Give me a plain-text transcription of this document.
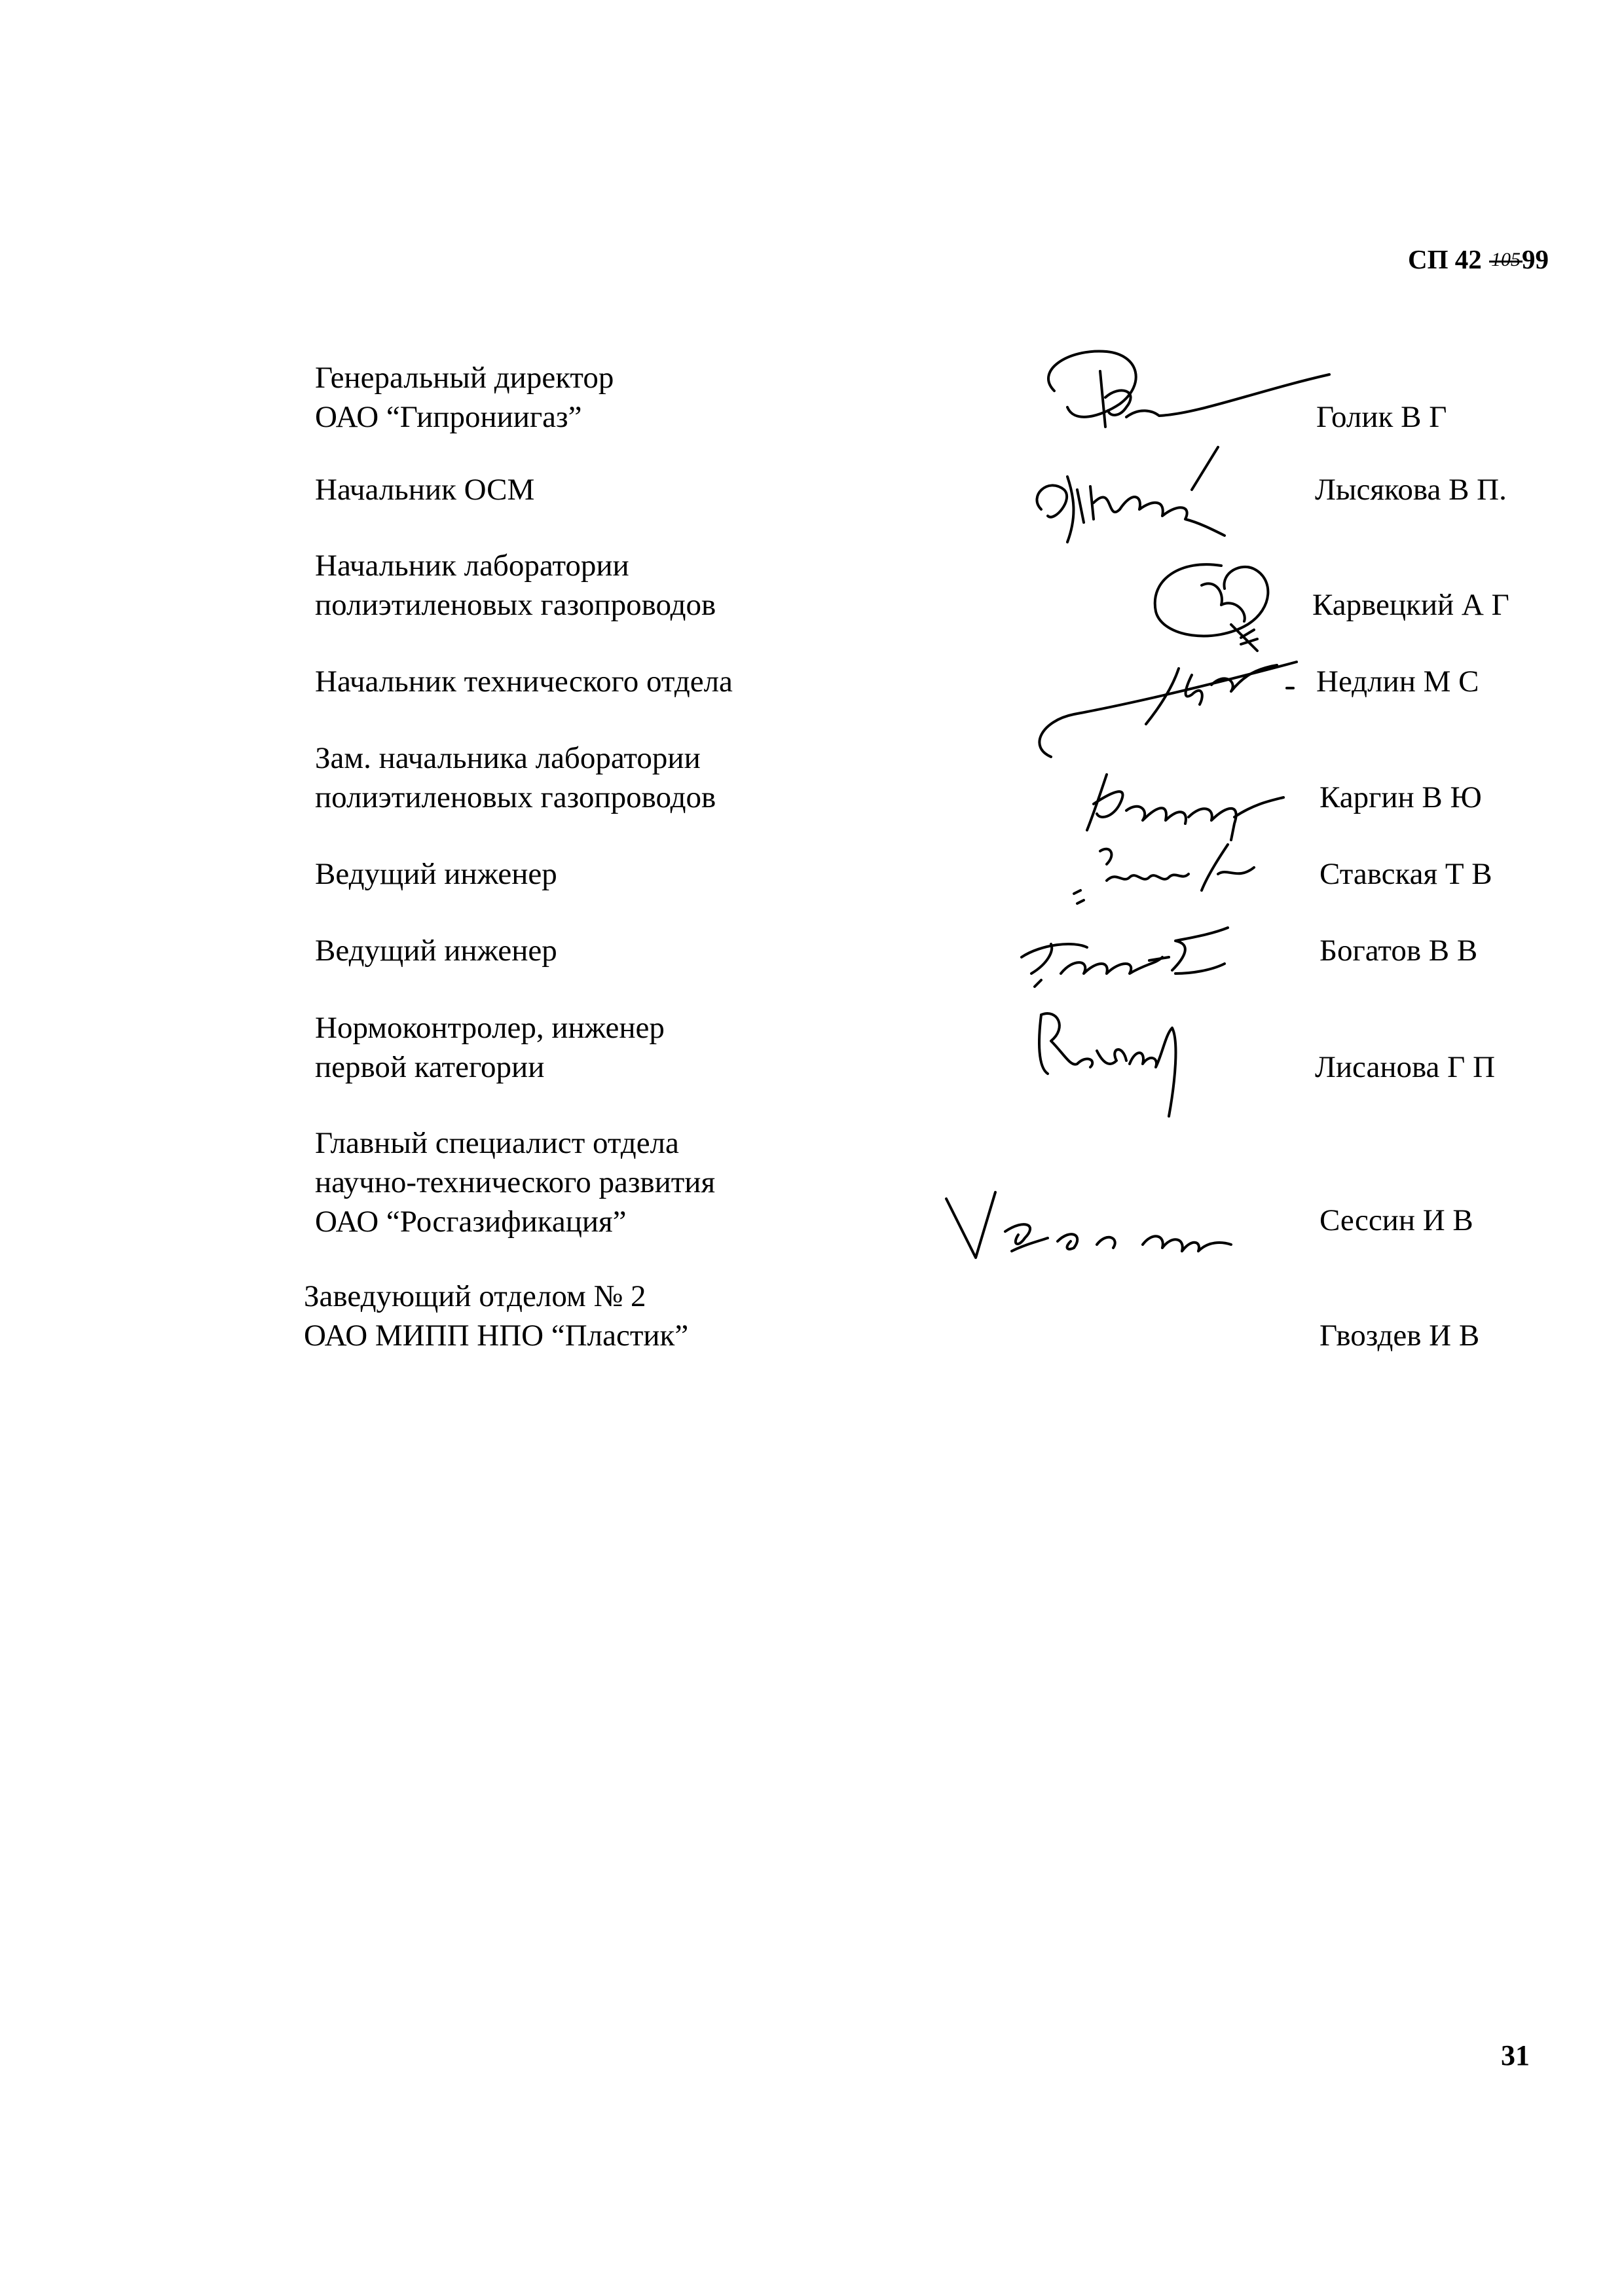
СП 42 10599
Генеральный директор
ОАО “Гипрониигаз”	Голик В Г
Начальник ОСМ	Лысякова В П.
Начальник лаборатории
полиэтиленовых газопроводов	Карвецкий А Г
Начальник технического отдела	Недлин М С
Зам. начальника лаборатории
полиэтиленовых газопроводов	Каргин В Ю
Ведущий инженер	Ставская Т В
Ведущий инженер	Богатов В В
Нормоконтролер, инженер
первой категории	Лисанова Г П
Главный специалист отдела
научно-технического развития
ОАО “Росгазификация”	Сессин И В
Заведующий отделом № 2
ОАО МИПП НПО “Пластик”	Гвоздев И В
31
